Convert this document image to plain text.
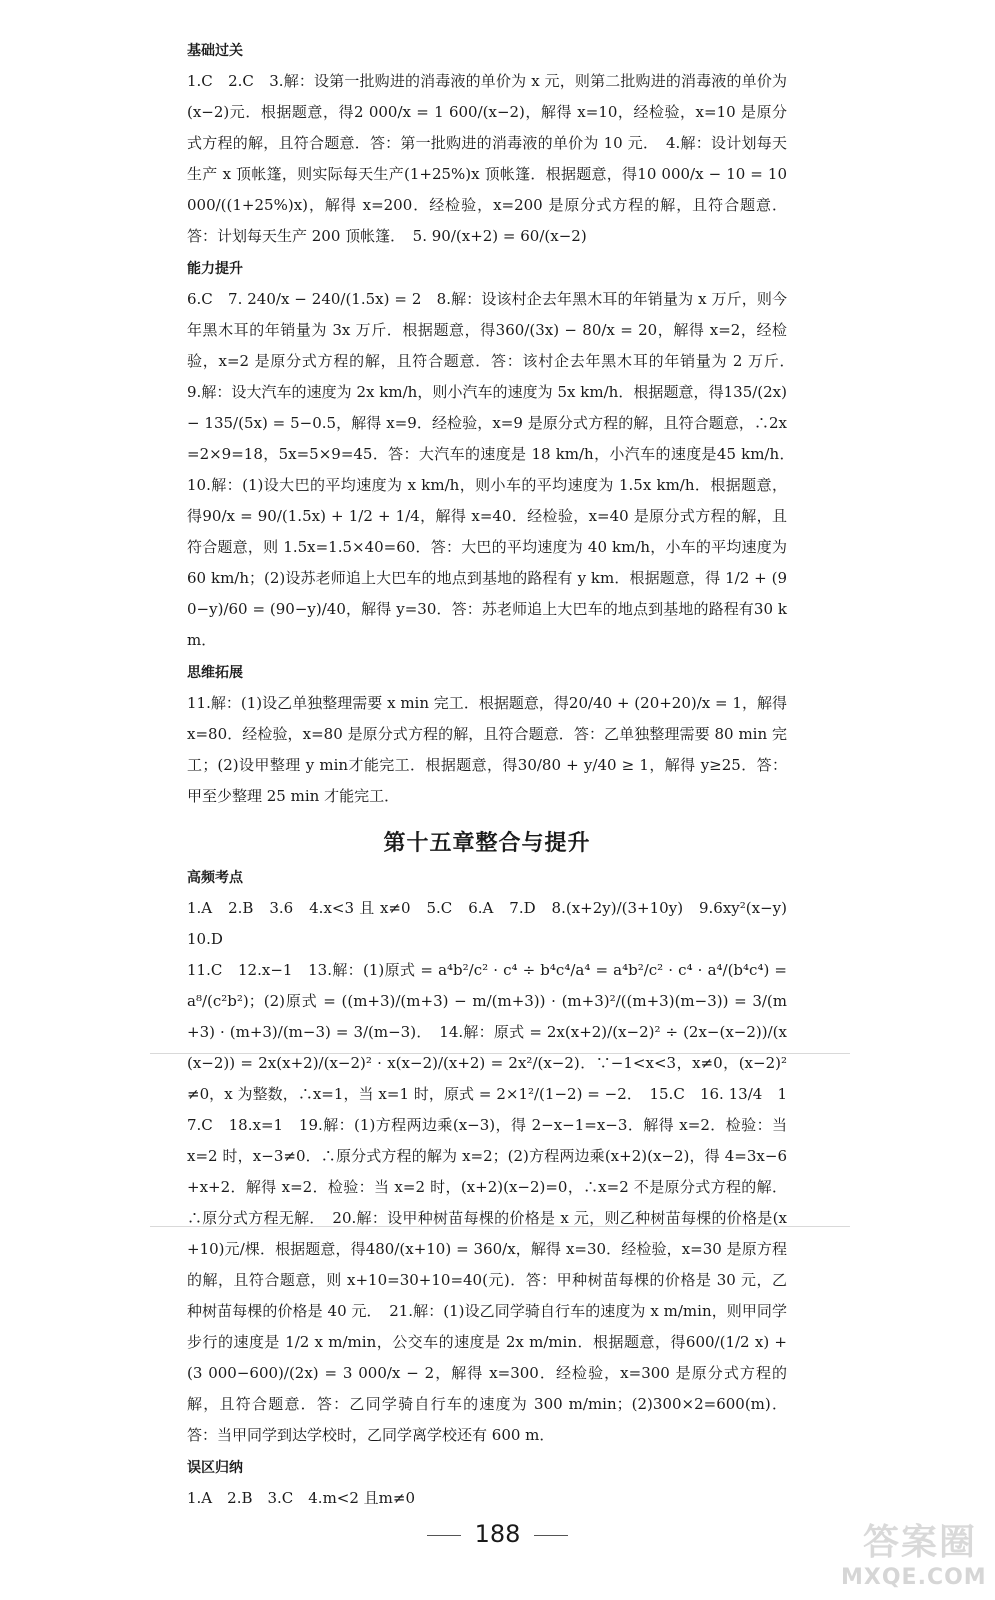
基础过关

1.C　2.C　3.解：设第一批购进的消毒液的单价为 x 元，则第二批购进的消毒液的单价为(x−2)元．根据题意，得2 000/x = 1 600/(x−2)，解得 x=10，经检验，x=10 是原分式方程的解，且符合题意．答：第一批购进的消毒液的单价为 10 元．　4.解：设计划每天生产 x 顶帐篷，则实际每天生产(1+25%)x 顶帐篷．根据题意，得10 000/x − 10 = 10 000/((1+25%)x)，解得 x=200．经检验，x=200 是原分式方程的解，且符合题意．答：计划每天生产 200 顶帐篷．　5. 90/(x+2) = 60/(x−2)

能力提升

6.C　7. 240/x − 240/(1.5x) = 2　8.解：设该村企去年黑木耳的年销量为 x 万斤，则今年黑木耳的年销量为 3x 万斤．根据题意，得360/(3x) − 80/x = 20，解得 x=2，经检验，x=2 是原分式方程的解，且符合题意．答：该村企去年黑木耳的年销量为 2 万斤．　9.解：设大汽车的速度为 2x km/h，则小汽车的速度为 5x km/h．根据题意，得135/(2x) − 135/(5x) = 5−0.5，解得 x=9．经检验，x=9 是原分式方程的解，且符合题意，∴2x=2×9=18，5x=5×9=45．答：大汽车的速度是 18 km/h，小汽车的速度是45 km/h．　10.解：(1)设大巴的平均速度为 x km/h，则小车的平均速度为 1.5x km/h．根据题意，得90/x = 90/(1.5x) + 1/2 + 1/4，解得 x=40．经检验，x=40 是原分式方程的解，且符合题意，则 1.5x=1.5×40=60．答：大巴的平均速度为 40 km/h，小车的平均速度为 60 km/h；(2)设苏老师追上大巴车的地点到基地的路程有 y km．根据题意，得 1/2 + (90−y)/60 = (90−y)/40，解得 y=30．答：苏老师追上大巴车的地点到基地的路程有30 km．

思维拓展

11.解：(1)设乙单独整理需要 x min 完工．根据题意，得20/40 + (20+20)/x = 1，解得 x=80．经检验，x=80 是原分式方程的解，且符合题意．答：乙单独整理需要 80 min 完工；(2)设甲整理 y min才能完工．根据题意，得30/80 + y/40 ≥ 1，解得 y≥25．答：甲至少整理 25 min 才能完工．

第十五章整合与提升
高频考点

1.A　2.B　3.6　4.x<3 且 x≠0　5.C　6.A　7.D　8.(x+2y)/(3+10y)　9.6xy²(x−y)　10.D

11.C　12.x−1　13.解：(1)原式 = a⁴b²/c² · c⁴ ÷ b⁴c⁴/a⁴ = a⁴b²/c² · c⁴ · a⁴/(b⁴c⁴) = a⁸/(c²b²)；(2)原式 = ((m+3)/(m+3) − m/(m+3)) · (m+3)²/((m+3)(m−3)) = 3/(m+3) · (m+3)/(m−3) = 3/(m−3)．　14.解：原式 = 2x(x+2)/(x−2)² ÷ (2x−(x−2))/(x(x−2)) = 2x(x+2)/(x−2)² · x(x−2)/(x+2) = 2x²/(x−2)．∵−1<x<3，x≠0，(x−2)²≠0，x 为整数，∴x=1，当 x=1 时，原式 = 2×1²/(1−2) = −2．　15.C　16. 13/4　17.C　18.x=1　19.解：(1)方程两边乘(x−3)，得 2−x−1=x−3．解得 x=2．检验：当 x=2 时，x−3≠0．∴原分式方程的解为 x=2；(2)方程两边乘(x+2)(x−2)，得 4=3x−6+x+2．解得 x=2．检验：当 x=2 时，(x+2)(x−2)=0，∴x=2 不是原分式方程的解．∴原分式方程无解．　20.解：设甲种树苗每棵的价格是 x 元，则乙种树苗每棵的价格是(x+10)元/棵．根据题意，得480/(x+10) = 360/x，解得 x=30．经检验，x=30 是原方程的解，且符合题意，则 x+10=30+10=40(元)．答：甲种树苗每棵的价格是 30 元，乙种树苗每棵的价格是 40 元．　21.解：(1)设乙同学骑自行车的速度为 x m/min，则甲同学步行的速度是 1/2 x m/min，公交车的速度是 2x m/min．根据题意，得600/(1/2 x) + (3 000−600)/(2x) = 3 000/x − 2，解得 x=300．经检验，x=300 是原分式方程的解，且符合题意．答：乙同学骑自行车的速度为 300 m/min；(2)300×2=600(m)．答：当甲同学到达学校时，乙同学离学校还有 600 m．

误区归纳

1.A　2.B　3.C　4.m<2 且m≠0

188	答案圈
MXQE.COM
